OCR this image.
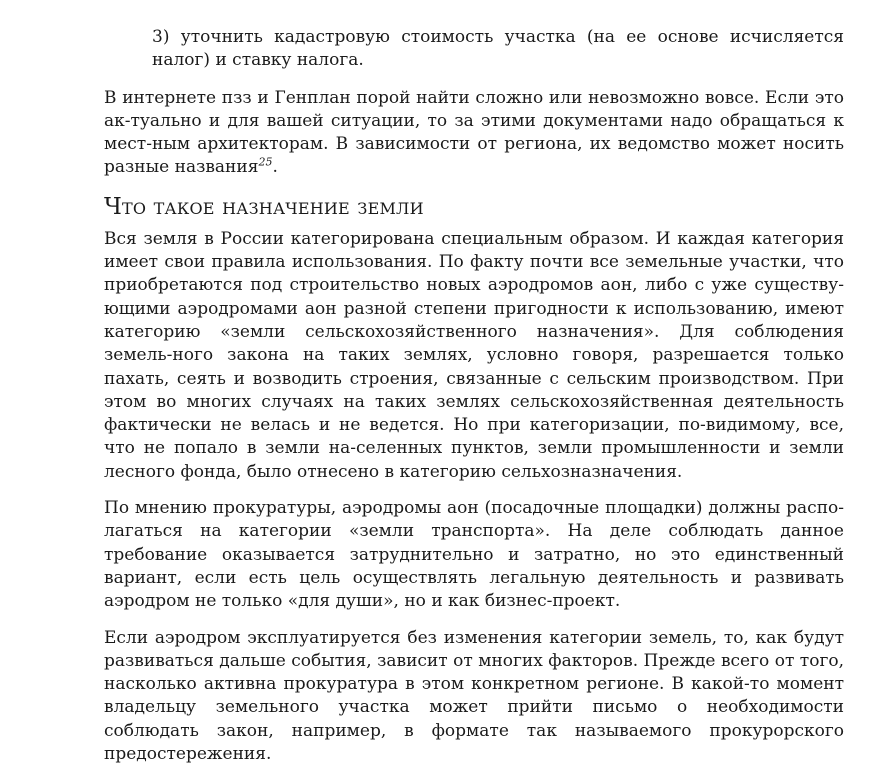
3) уточнить кадастровую стоимость участка (на ее основе исчисляется налог) и ставку налога.

В интернете пзз и Генплан порой найти сложно или невозможно вовсе. Если это ак-туально и для вашей ситуации, то за этими документами надо обращаться к мест-ным архитекторам. В зависимости от региона, их ведомство может носить разные названия$^{25}$.

Что такое назначение земли

Вся земля в России категорирована специальным образом. И каждая категория имеет свои правила использования. По факту почти все земельные участки, что приобретаются под строительство новых аэродромов аон, либо с уже существу-ющими аэродромами аон разной степени пригодности к использованию, имеют категорию «земли сельскохозяйственного назначения». Для соблюдения земель-ного закона на таких землях, условно говоря, разрешается только пахать, сеять и возводить строения, связанные с сельским производством. При этом во многих случаях на таких землях сельскохозяйственная деятельность фактически не велась и не ведется. Но при категоризации, по-видимому, все, что не попало в земли на-селенных пунктов, земли промышленности и земли лесного фонда, было отнесено в категорию сельхозназначения.

По мнению прокуратуры, аэродромы аон (посадочные площадки) должны распо-лагаться на категории «земли транспорта». На деле соблюдать данное требование оказывается затруднительно и затратно, но это единственный вариант, если есть цель осуществлять легальную деятельность и развивать аэродром не только «для души», но и как бизнес-проект.

Если аэродром эксплуатируется без изменения категории земель, то, как будут развиваться дальше события, зависит от многих факторов. Прежде всего от того, насколько активна прокуратура в этом конкретном регионе. В какой-то момент владельцу земельного участка может прийти письмо о необходимости соблюдать закон, например, в формате так называемого прокурорского предостережения.
